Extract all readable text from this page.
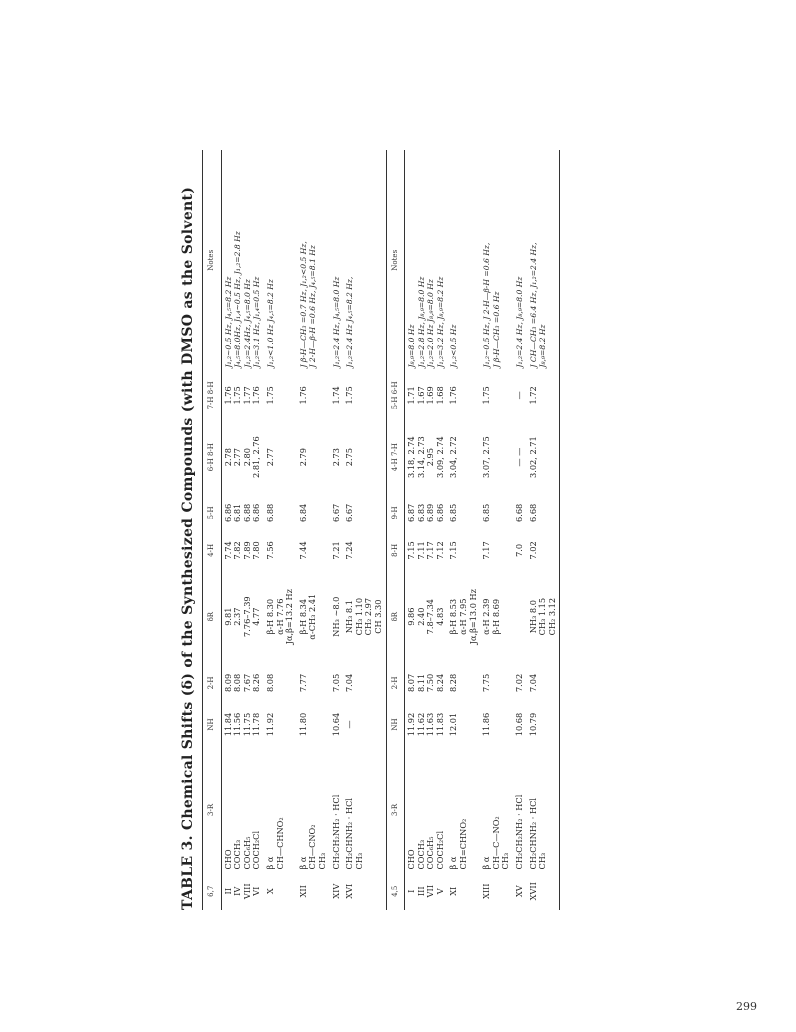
TABLE 3. Chemical Shifts (δ) of the Synthesized Compounds (with DMSO as the Solvent) 6,7	3-R	NH	2-H	δR	4-H	5-H	6-H 8-H	7-H 8-H	Notes

II IV VIII VI	CHO COCH₃ COC₆H₅ COCH₂Cl	11.84 11.56 11.75 11.78	8.09 8.08 7.67 8.26	9.81 2.37 7.76–7.39 4.77	7.74 7.82 7.89 7.80	6.86 6.81 6.88 6.86	2.78 2.77 2.80 2.81, 2.76	1.76 1.75 1.77 1.76	J₁,₂∼0.5 Hz, J₄,₅=8.2 Hz J₄,₅=8.0Hz, J₁,₄∼0.5 Hz, J₁,₂=2.8 Hz J₁,₂=2.4Hz, J₄,₅=8.0 Hz J₁,₂=3.1 Hz, J₁,₄=0.5 Hz

X	β α CH—CHNO₂	11.92	8.08	β-H 8.30 α-H 7.76 Jα,β=13.2 Hz	7.56	6.88	2.77	1.75	J₁,₂<1.0 Hz J₄,₅=8.2 Hz

XII	β α CH—CNO₂ CH₃	11.80	7.77	β-H 8.34 α-CH₃ 2.41	7.44	6.84	2.79	1.76	J β-H—CH₃ =0.7 Hz, J₁,₂<0.5 Hz, J 2-H—β-H =0.6 Hz, J₄,₅=8.1 Hz

XIV	CH₂CH₂NH₂ · HCl	10.64	7.05	NH₃ ∼8.0	7.21	6.67	2.73	1.74	J₁,₂=2.4 Hz, J₄,₅=8.0 Hz

XVI	CH₂CHNH₂ · HCl CH₃	—	7.04	NH₃ 8.1 CH₃ 1.10 CH₂ 2.97 CH 3.30	7.24	6.67	2.75	1.75	J₁,₂=2.4 Hz J₄,₅=8.2 Hz,

4,5	3-R	NH	2-H	δR	8-H	9-H	4-H 7-H	5-H 6-H	Notes

I III VII V	CHO COCH₃ COC₆H₅ COCH₂Cl	11.92 11.62 11.63 11.83	8.07 8.11 7.50 8.24	9.86 2.40 7.8–7.34 4.83	7.15 7.11 7.17 7.12	6.87 6.83 6.89 6.86	3.18, 2.74 3.14, 2.73 2.95 3.09, 2.74	1.71 1.67 1.69 1.68	J₈,₉=8.0 Hz J₁,₂=2.8 Hz, J₈,₉=8.0 Hz J₁,₂=2.0 Hz J₈,₉=8.0 Hz J₁,₂=3.2 Hz, J₈,₉=8.2 Hz

XI	β α CH=CHNO₂	12.01	8.28	β-H 8.53 α-H 7.95 Jα,β=13.0 Hz	7.15	6.85	3.04, 2.72	1.76	J₁,₂<0.5 Hz

XIII	β α CH—C—NO₂ CH₃	11.86	7.75	α-H 2.39 β-H 8.69	7.17	6.85	3.07, 2.75	1.75	J₁,₂∼0.5 Hz, J 2-H—β-H =0.6 Hz, J β-H—CH₃ =0.6 Hz

XV	CH₂CH₂NH₂ · HCl	10.68	7.02		7.0	6.68	— —	—	J₁,₂=2.4 Hz, J₈,₉=8.0 Hz

XVII	CH₂CHNH₂ · HCl CH₃	10.79	7.04	NH₃ 8.0 CH₃ 1.15 CH₂ 3.12	7.02	6.68	3.02, 2.71	1.72	J CH—CH₃ =6.4 Hz, J₁,₂=2.4 Hz, J₈,₉=8.2 Hz
299
